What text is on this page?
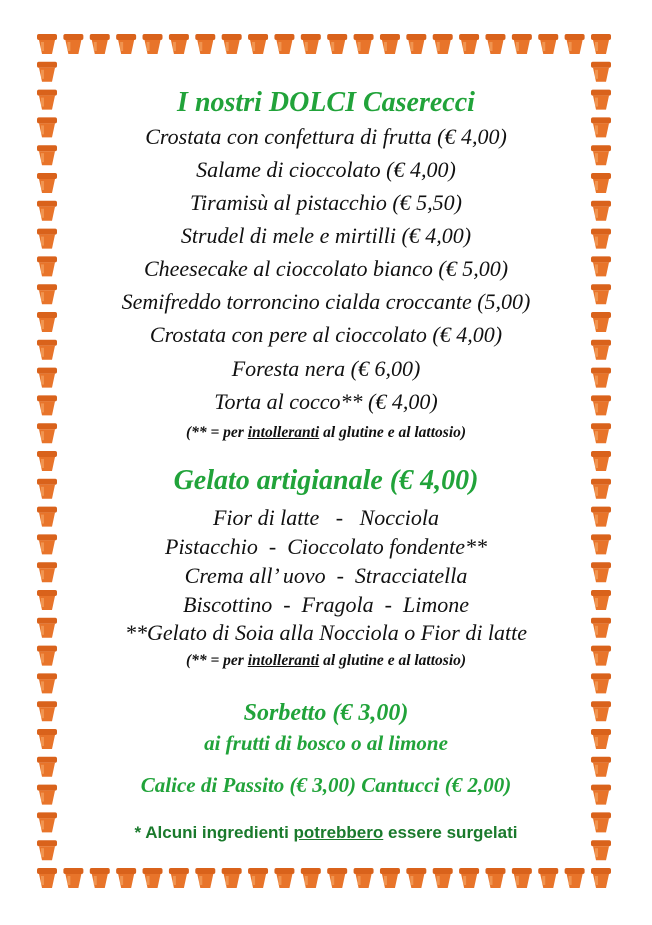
I nostri DOLCI Caserecci
Crostata con confettura di frutta (€ 4,00)
Salame di cioccolato (€ 4,00)
Tiramisù al pistacchio (€ 5,50)
Strudel di mele e mirtilli (€ 4,00)
Cheesecake al cioccolato bianco (€ 5,00)
Semifreddo torroncino cialda croccante (5,00)
Crostata con pere al cioccolato (€ 4,00)
Foresta nera (€ 6,00)
Torta al cocco** (€ 4,00)
(** = per intolleranti al glutine e al lattosio)
Gelato artigianale (€ 4,00)
Fior di latte   -   Nocciola
Pistacchio  -  Cioccolato fondente**
Crema all’ uovo  -  Stracciatella
Biscottino  -  Fragola  -  Limone
**Gelato di Soia alla Nocciola o Fior di latte
(** = per intolleranti al glutine e al lattosio)
Sorbetto (€ 3,00)
ai frutti di bosco o al limone
Calice di Passito (€ 3,00) Cantucci (€ 2,00)
* Alcuni ingredienti potrebbero essere surgelati
